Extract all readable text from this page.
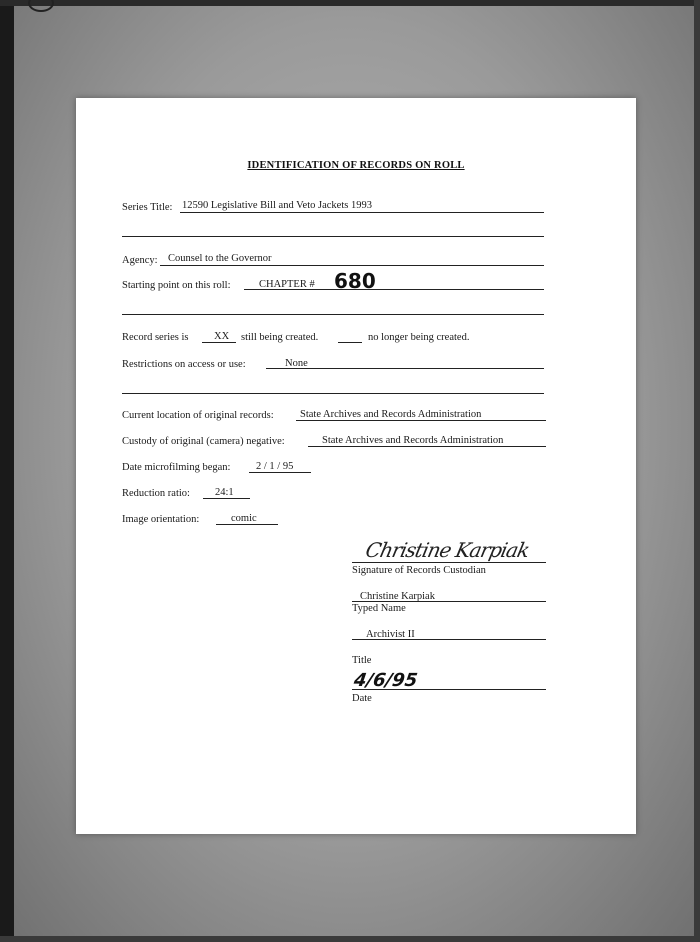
IDENTIFICATION OF RECORDS ON ROLL
Series Title: 12590 Legislative Bill and Veto Jackets 1993
Agency: Counsel to the Governor
Starting point on this roll:	CHAPTER # 680
Record series is XX still being created.	no longer being created.
Restrictions on access or use:	None
Current location of original records:	State Archives and Records Administration
Custody of original (camera) negative:	State Archives and Records Administration
Date microfilming began: 2 / 1 / 95
Reduction ratio: 24:1
Image orientation:	comic
Christine Karpiak
Signature of Records Custodian
Christine Karpiak
Typed Name
Archivist II
Title
4/6/95
Date
